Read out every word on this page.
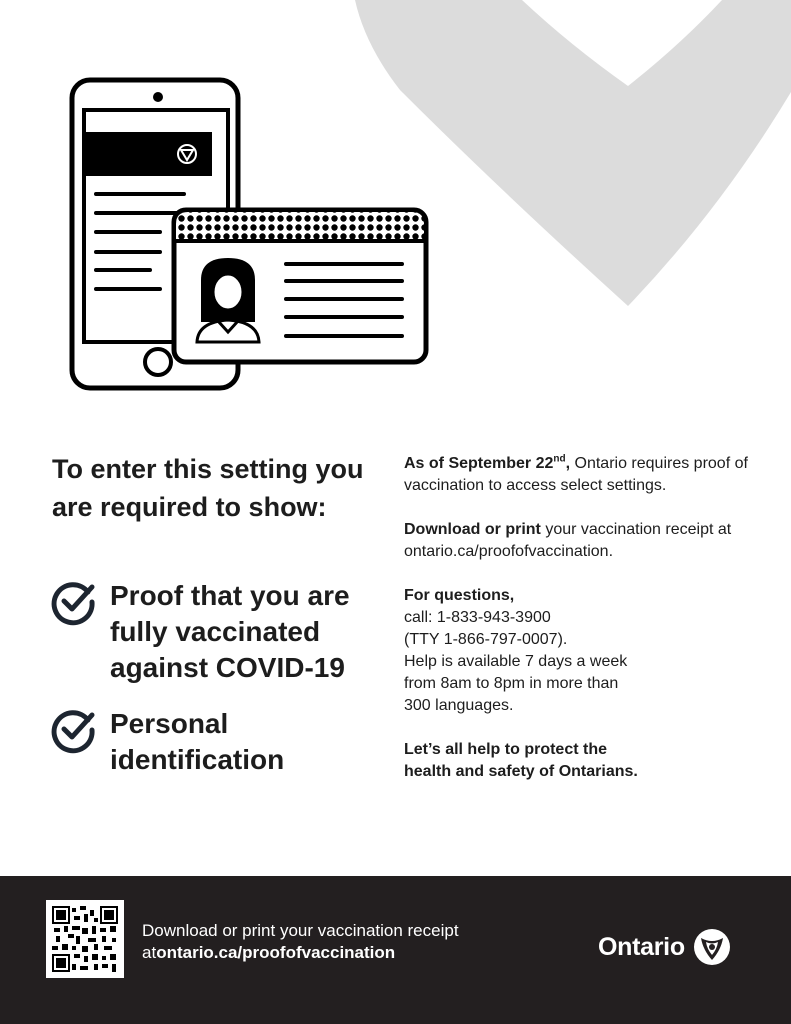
To enter this setting you are required to show:
Proof that you are fully vaccinated against COVID-19
Personal identification

As of September 22nd, Ontario requires proof of vaccination to access select settings.

Download or print your vaccination receipt at ontario.ca/proofofvaccination.

For questions,

call: 1-833-943-3900

(TTY 1-866-797-0007).

Help is available 7 days a week

from 8am to 8pm in more than

300 languages.

Let’s all help to protect the
health and safety of Ontarians.

Download or print your vaccination receipt
atontario.ca/proofofvaccination	Ontario
